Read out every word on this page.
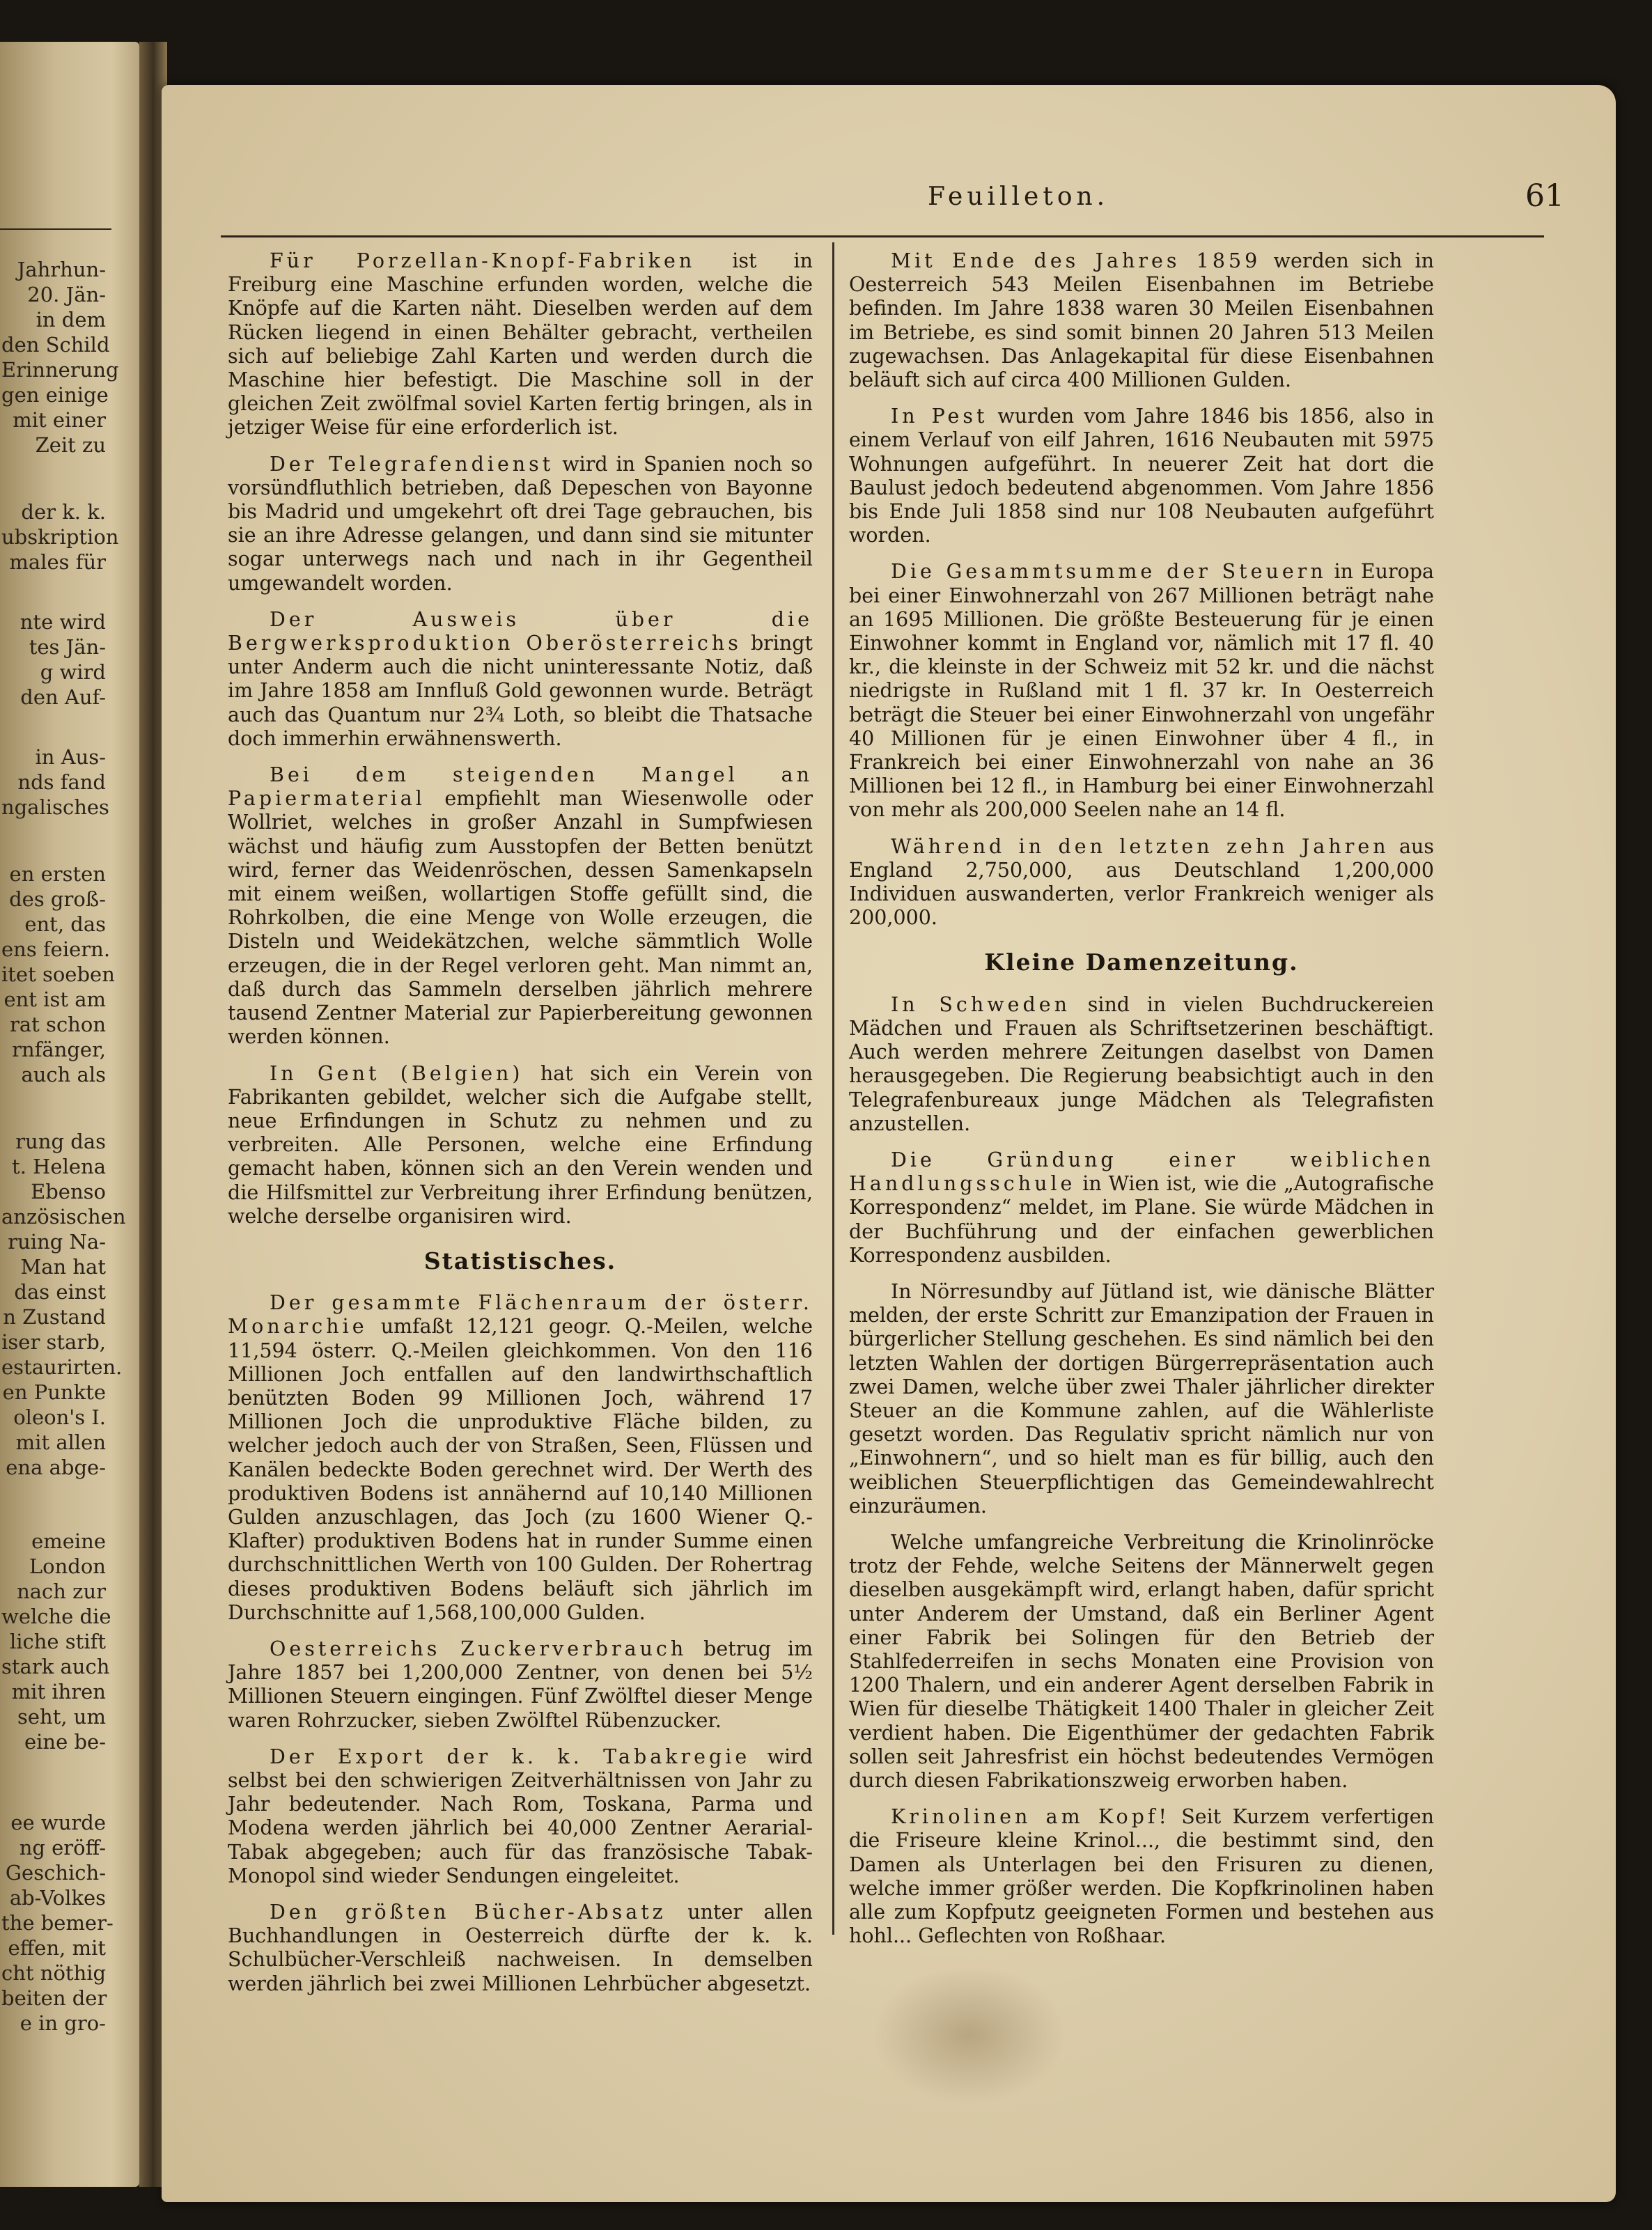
Jahrhun-
20. Jän-
in dem
den Schild
Erinnerung
gen einige
mit einer
Zeit zu
der k. k.
ubskription
males für
nte wird
tes Jän-
g wird
den Auf-
in Aus-
nds fand
ngalisches
en ersten
des groß-
ent, das
ens feiern.
itet soeben
ent ist am
rat schon
rnfänger,
auch als
rung das
t. Helena
Ebenso
anzösischen
ruing Na-
Man hat
das einst
n Zustand
iser starb,
estaurirten.
en Punkte
oleon's I.
mit allen
ena abge-
emeine
London
nach zur
welche die
liche stift
stark auch
mit ihren
seht, um
eine be-
ee wurde
ng eröff-
Geschich-
ab-Volkes
the bemer-
effen, mit
cht nöthig
beiten der
e in gro-
Feuilleton.	61

Für Porzellan-Knopf-Fabriken ist in Freiburg eine Maschine erfunden worden, welche die Knöpfe auf die Karten näht. Dieselben werden auf dem Rücken liegend in einen Behälter gebracht, vertheilen sich auf beliebige Zahl Karten und werden durch die Maschine hier befestigt. Die Maschine soll in der gleichen Zeit zwölfmal soviel Karten fertig bringen, als in jetziger Weise für eine erforderlich ist.

Der Telegrafendienst wird in Spanien noch so vorsündfluthlich betrieben, daß Depeschen von Bayonne bis Madrid und umgekehrt oft drei Tage gebrauchen, bis sie an ihre Adresse gelangen, und dann sind sie mitunter sogar unterwegs nach und nach in ihr Gegentheil umgewandelt worden.

Der Ausweis über die Bergwerksproduktion Oberösterreichs bringt unter Anderm auch die nicht uninteressante Notiz, daß im Jahre 1858 am Innfluß Gold gewonnen wurde. Beträgt auch das Quantum nur 2¾ Loth, so bleibt die Thatsache doch immerhin erwähnenswerth.

Bei dem steigenden Mangel an Papiermaterial empfiehlt man Wiesenwolle oder Wollriet, welches in großer Anzahl in Sumpfwiesen wächst und häufig zum Ausstopfen der Betten benützt wird, ferner das Weidenröschen, dessen Samenkapseln mit einem weißen, wollartigen Stoffe gefüllt sind, die Rohrkolben, die eine Menge von Wolle erzeugen, die Disteln und Weidekätzchen, welche sämmtlich Wolle erzeugen, die in der Regel verloren geht. Man nimmt an, daß durch das Sammeln derselben jährlich mehrere tausend Zentner Material zur Papierbereitung gewonnen werden können.

In Gent (Belgien) hat sich ein Verein von Fabrikanten gebildet, welcher sich die Aufgabe stellt, neue Erfindungen in Schutz zu nehmen und zu verbreiten. Alle Personen, welche eine Erfindung gemacht haben, können sich an den Verein wenden und die Hilfsmittel zur Verbreitung ihrer Erfindung benützen, welche derselbe organisiren wird.

Statistisches.

Der gesammte Flächenraum der österr. Monarchie umfaßt 12,121 geogr. Q.-Meilen, welche 11,594 österr. Q.-Meilen gleichkommen. Von den 116 Millionen Joch entfallen auf den landwirthschaftlich benützten Boden 99 Millionen Joch, während 17 Millionen Joch die unproduktive Fläche bilden, zu welcher jedoch auch der von Straßen, Seen, Flüssen und Kanälen bedeckte Boden gerechnet wird. Der Werth des produktiven Bodens ist annähernd auf 10,140 Millionen Gulden anzuschlagen, das Joch (zu 1600 Wiener Q.-Klafter) produktiven Bodens hat in runder Summe einen durchschnittlichen Werth von 100 Gulden. Der Rohertrag dieses produktiven Bodens beläuft sich jährlich im Durchschnitte auf 1,568,100,000 Gulden.

Oesterreichs Zuckerverbrauch betrug im Jahre 1857 bei 1,200,000 Zentner, von denen bei 5½ Millionen Steuern eingingen. Fünf Zwölftel dieser Menge waren Rohrzucker, sieben Zwölftel Rübenzucker.

Der Export der k. k. Tabakregie wird selbst bei den schwierigen Zeitverhältnissen von Jahr zu Jahr bedeutender. Nach Rom, Toskana, Parma und Modena werden jährlich bei 40,000 Zentner Aerarial-Tabak abgegeben; auch für das französische Tabak-Monopol sind wieder Sendungen eingeleitet.

Den größten Bücher-Absatz unter allen Buchhandlungen in Oesterreich dürfte der k. k. Schulbücher-Verschleiß nachweisen. In demselben werden jährlich bei zwei Millionen Lehrbücher abgesetzt.

Mit Ende des Jahres 1859 werden sich in Oesterreich 543 Meilen Eisenbahnen im Betriebe befinden. Im Jahre 1838 waren 30 Meilen Eisenbahnen im Betriebe, es sind somit binnen 20 Jahren 513 Meilen zugewachsen. Das Anlagekapital für diese Eisenbahnen beläuft sich auf circa 400 Millionen Gulden.

In Pest wurden vom Jahre 1846 bis 1856, also in einem Verlauf von eilf Jahren, 1616 Neubauten mit 5975 Wohnungen aufgeführt. In neuerer Zeit hat dort die Baulust jedoch bedeutend abgenommen. Vom Jahre 1856 bis Ende Juli 1858 sind nur 108 Neubauten aufgeführt worden.

Die Gesammtsumme der Steuern in Europa bei einer Einwohnerzahl von 267 Millionen beträgt nahe an 1695 Millionen. Die größte Besteuerung für je einen Einwohner kommt in England vor, nämlich mit 17 fl. 40 kr., die kleinste in der Schweiz mit 52 kr. und die nächst niedrigste in Rußland mit 1 fl. 37 kr. In Oesterreich beträgt die Steuer bei einer Einwohnerzahl von ungefähr 40 Millionen für je einen Einwohner über 4 fl., in Frankreich bei einer Einwohnerzahl von nahe an 36 Millionen bei 12 fl., in Hamburg bei einer Einwohnerzahl von mehr als 200,000 Seelen nahe an 14 fl.

Während in den letzten zehn Jahren aus England 2,750,000, aus Deutschland 1,200,000 Individuen auswanderten, verlor Frankreich weniger als 200,000.

Kleine Damenzeitung.

In Schweden sind in vielen Buchdruckereien Mädchen und Frauen als Schriftsetzerinen beschäftigt. Auch werden mehrere Zeitungen daselbst von Damen herausgegeben. Die Regierung beabsichtigt auch in den Telegrafenbureaux junge Mädchen als Telegrafisten anzustellen.

Die Gründung einer weiblichen Handlungsschule in Wien ist, wie die „Autografische Korrespondenz“ meldet, im Plane. Sie würde Mädchen in der Buchführung und der einfachen gewerblichen Korrespondenz ausbilden.

In Nörresundby auf Jütland ist, wie dänische Blätter melden, der erste Schritt zur Emanzipation der Frauen in bürgerlicher Stellung geschehen. Es sind nämlich bei den letzten Wahlen der dortigen Bürgerrepräsentation auch zwei Damen, welche über zwei Thaler jährlicher direkter Steuer an die Kommune zahlen, auf die Wählerliste gesetzt worden. Das Regulativ spricht nämlich nur von „Einwohnern“, und so hielt man es für billig, auch den weiblichen Steuerpflichtigen das Gemeindewahlrecht einzuräumen.

Welche umfangreiche Verbreitung die Krinolinröcke trotz der Fehde, welche Seitens der Männerwelt gegen dieselben ausgekämpft wird, erlangt haben, dafür spricht unter Anderem der Umstand, daß ein Berliner Agent einer Fabrik bei Solingen für den Betrieb der Stahlfederreifen in sechs Monaten eine Provision von 1200 Thalern, und ein anderer Agent derselben Fabrik in Wien für dieselbe Thätigkeit 1400 Thaler in gleicher Zeit verdient haben. Die Eigenthümer der gedachten Fabrik sollen seit Jahresfrist ein höchst bedeutendes Vermögen durch diesen Fabrikationszweig erworben haben.

Krinolinen am Kopf! Seit Kurzem verfertigen die Friseure kleine Krinol..., die bestimmt sind, den Damen als Unterlagen bei den Frisuren zu dienen, welche immer größer werden. Die Kopfkrinolinen haben alle zum Kopfputz geeigneten Formen und bestehen aus hohl... Geflechten von Roßhaar.
